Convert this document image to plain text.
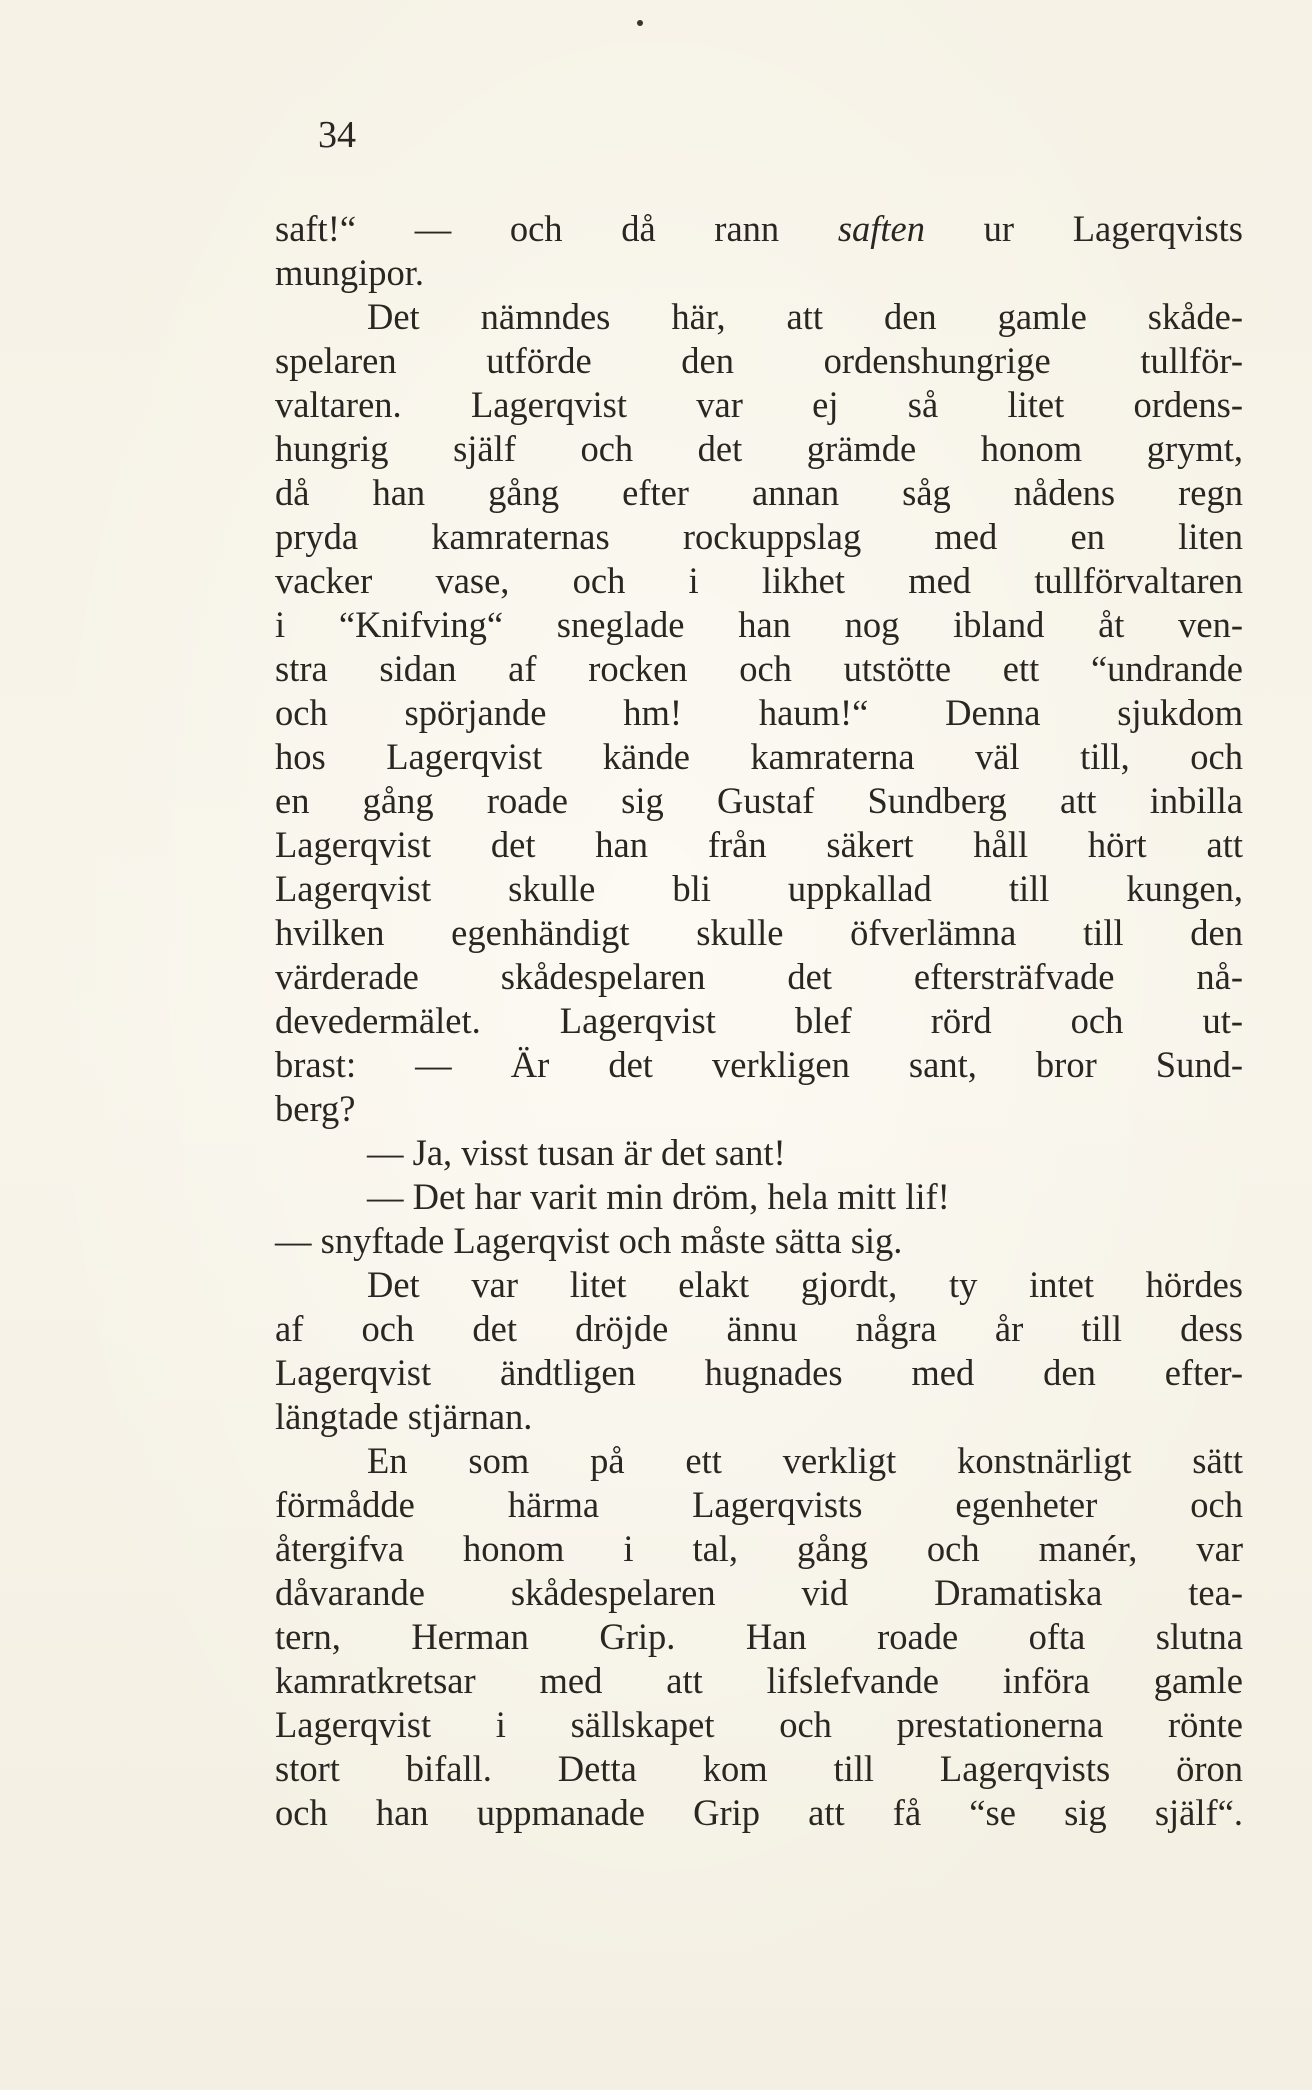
34
saft!“ — och då rann saften ur Lagerqvists
mungipor.
Det nämndes här, att den gamle skåde-
spelaren utförde den ordenshungrige tullför-
valtaren. Lagerqvist var ej så litet ordens-
hungrig själf och det grämde honom grymt,
då han gång efter annan såg nådens regn
pryda kamraternas rockuppslag med en liten
vacker vase, och i likhet med tullförvaltaren
i “Knifving“ sneglade han nog ibland åt ven-
stra sidan af rocken och utstötte ett “undrande
och spörjande hm! haum!“ Denna sjukdom
hos Lagerqvist kände kamraterna väl till, och
en gång roade sig Gustaf Sundberg att inbilla
Lagerqvist det han från säkert håll hört att
Lagerqvist skulle bli uppkallad till kungen,
hvilken egenhändigt skulle öfverlämna till den
värderade skådespelaren det eftersträfvade nå-
devedermälet. Lagerqvist blef rörd och ut-
brast: — Är det verkligen sant, bror Sund-
berg?
— Ja, visst tusan är det sant!
— Det har varit min dröm, hela mitt lif!
— snyftade Lagerqvist och måste sätta sig.
Det var litet elakt gjordt, ty intet hördes
af och det dröjde ännu några år till dess
Lagerqvist ändtligen hugnades med den efter-
längtade stjärnan.
En som på ett verkligt konstnärligt sätt
förmådde härma Lagerqvists egenheter och
återgifva honom i tal, gång och manér, var
dåvarande skådespelaren vid Dramatiska tea-
tern, Herman Grip. Han roade ofta slutna
kamratkretsar med att lifslefvande införa gamle
Lagerqvist i sällskapet och prestationerna rönte
stort bifall. Detta kom till Lagerqvists öron
och han uppmanade Grip att få “se sig själf“.
